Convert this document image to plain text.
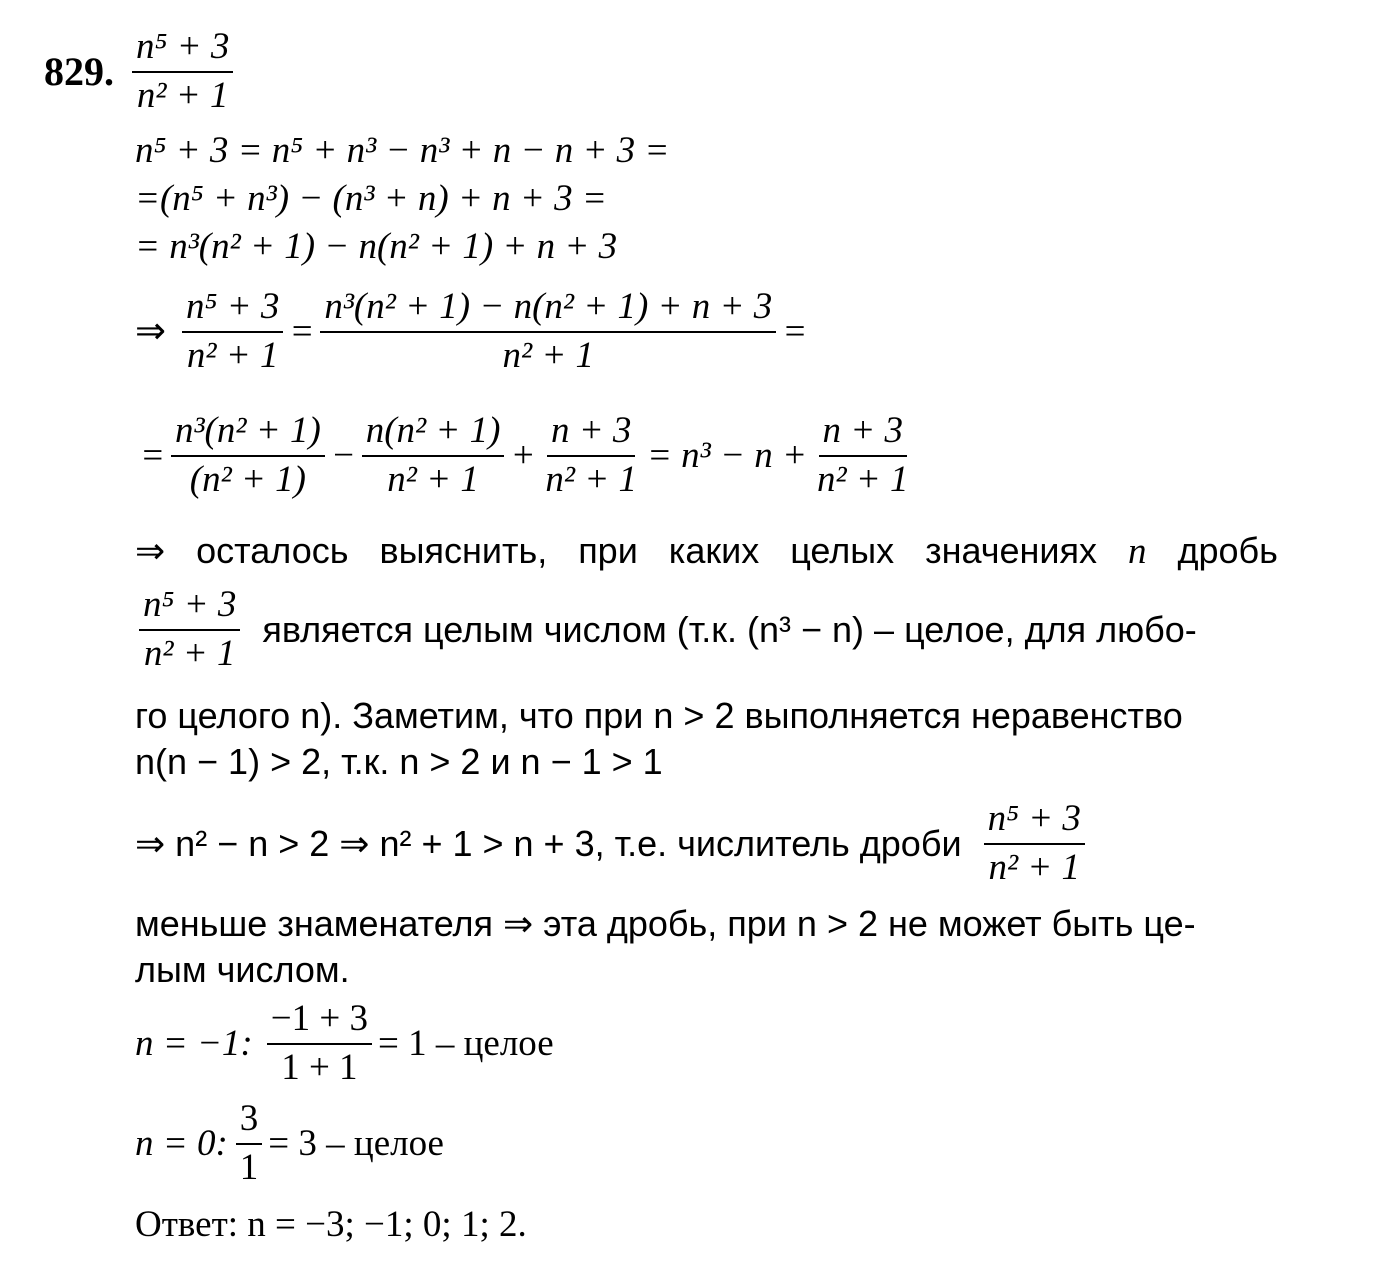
829. $\frac{\text{n⁵ + 3}}{\text{n² + 1}}$
n⁵ + 3 = n⁵ + n³ − n³ + n − n + 3 =
=(n⁵ + n³) − (n³ + n) + n + 3 =
= n³(n² + 1) − n(n² + 1) + n + 3
⇒ $\frac{\text{n⁵ + 3}}{\text{n² + 1}} = \frac{\text{n³(n² + 1) − n(n² + 1) + n + 3}}{\text{n² + 1}}$ =
= $\frac{\text{n³(n² + 1)}}{\text{(n² + 1)}} - \frac{\text{n(n² + 1)}}{\text{n² + 1}} + \frac{n + 3}{\text{n² + 1}} = n^3 - n + \frac{n + 3}{\text{n² + 1}}$
⇒ осталось выяснить, при каких целых значениях n дробь
$\frac{\text{n⁵ + 3}}{\text{n² + 1}}$ является целым числом (т.к. (n³ − n) – целое, для любо-
го целого n). Заметим, что при n > 2 выполняется неравенство
n(n − 1) > 2, т.к. n > 2 и n − 1 > 1
⇒ n² − n > 2 ⇒ n² + 1 > n + 3, т.е. числитель дроби $\frac{\text{n⁵ + 3}}{\text{n² + 1}}$
меньше знаменателя ⇒ эта дробь, при n > 2 не может быть це-
лым числом.
n = −1: $\frac{-1 + 3}{1 + 1} = 1$ – целое
n = 0: $\frac{3}{1} = 3$ – целое
Ответ: n = −3; −1; 0; 1; 2.
